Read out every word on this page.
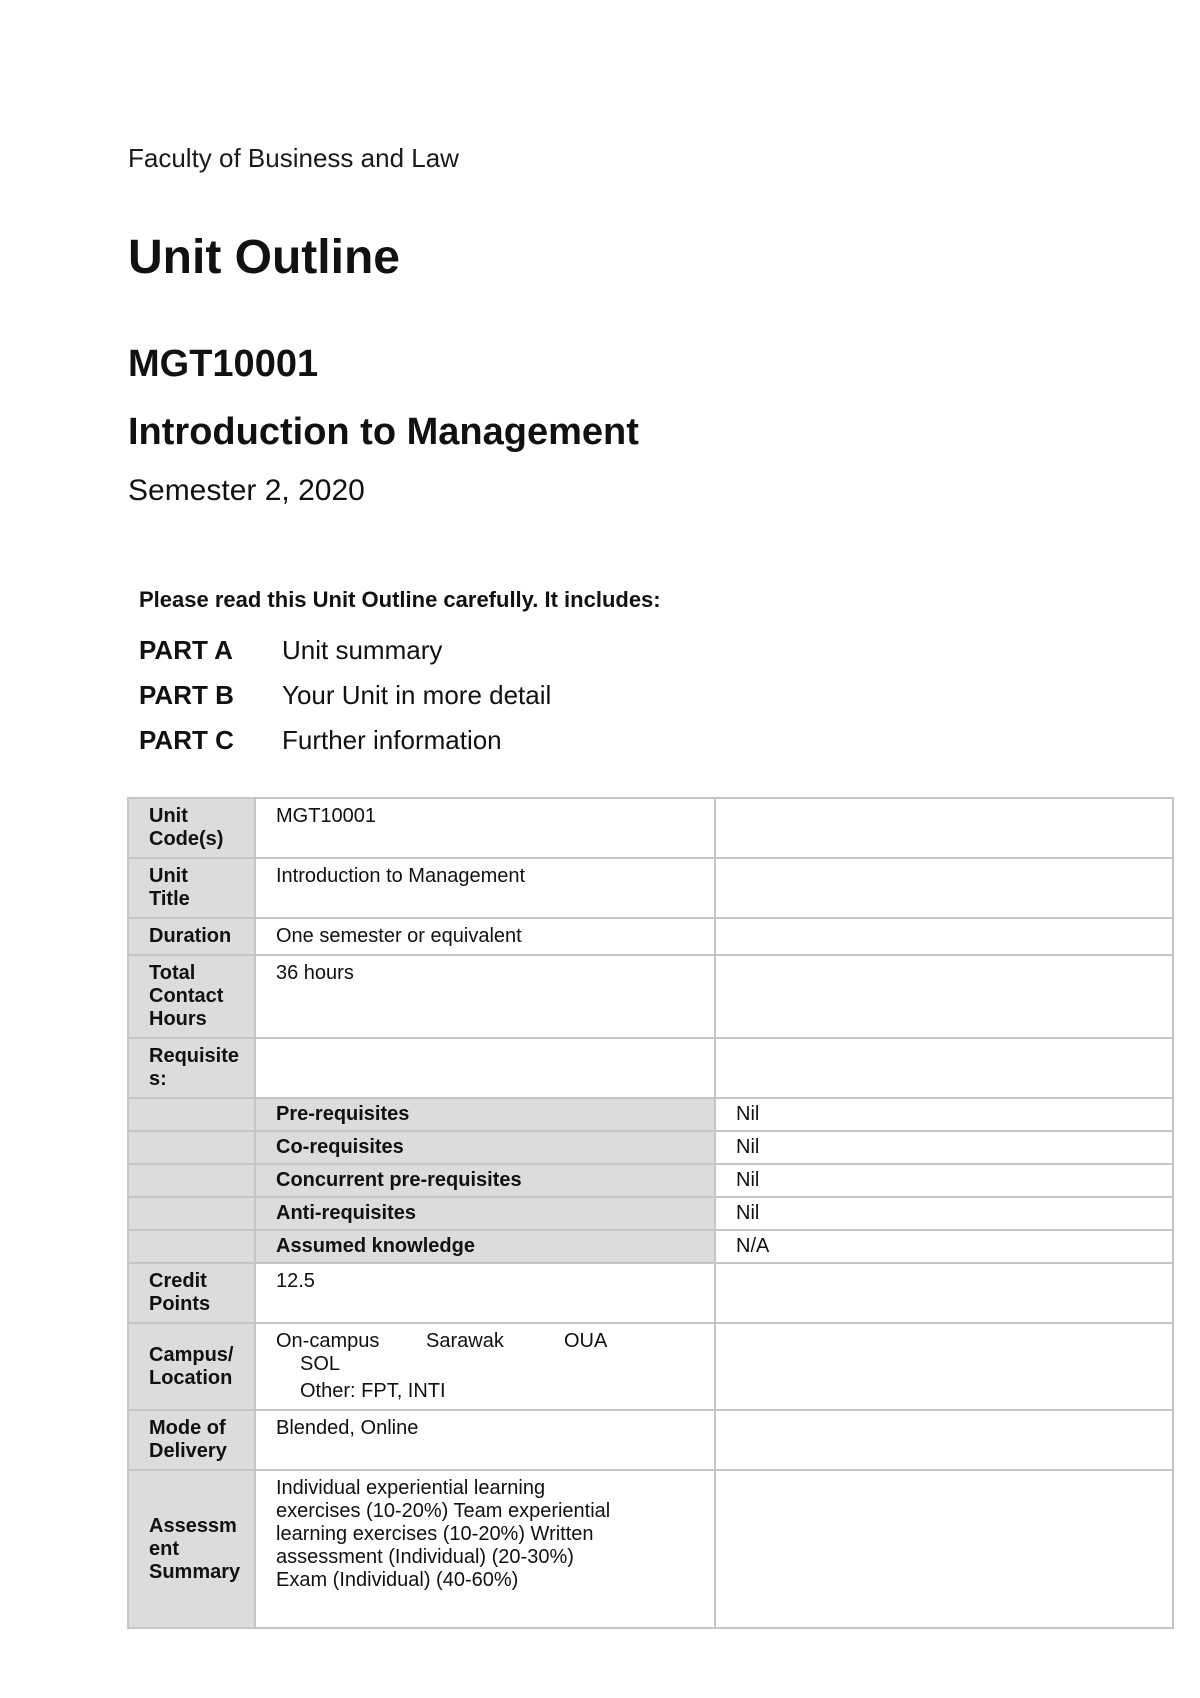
Faculty of Business and Law
Unit Outline
MGT10001
Introduction to Management
Semester 2, 2020
Please read this Unit Outline carefully. It includes:
PART A	Unit summary
PART B	Your Unit in more detail
PART C	Further information
Unit Code(s)	MGT10001	
Unit Title	Introduction to Management	
Duration	One semester or equivalent	
Total Contact Hours	36 hours	
Requisite s:		
	Pre-requisites	Nil
	Co-requisites	Nil
	Concurrent pre-requisites	Nil
	Anti-requisites	Nil
	Assumed knowledge	N/A
Credit Points	12.5	
Campus/ Location	On-campus Sarawak OUA
SOL
Other: FPT, INTI	

Mode of Delivery	Blended, Online	
Assessm ent Summary	Individual experiential learning
exercises (10-20%) Team experiential
learning exercises (10-20%) Written
assessment (Individual) (20-30%)
Exam (Individual) (40-60%)	
